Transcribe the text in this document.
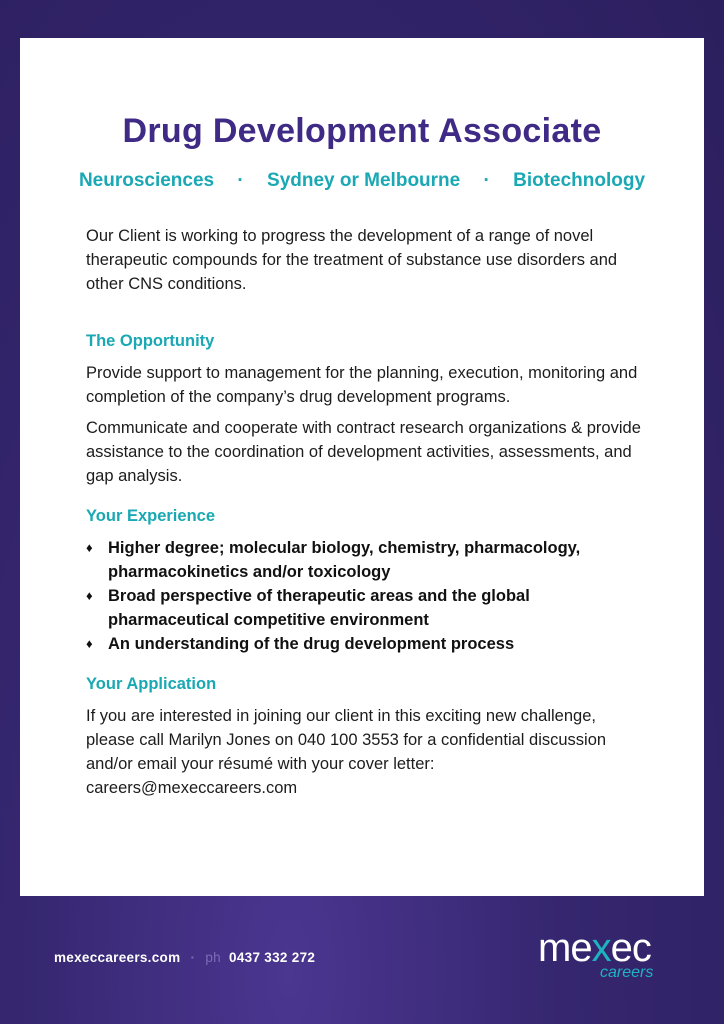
Drug Development Associate
Neurosciences · Sydney or Melbourne · Biotechnology

Our Client is working to progress the development of a range of novel therapeutic compounds for the treatment of substance use disorders and other CNS conditions.

The Opportunity

Provide support to management for the planning, execution, monitoring and completion of the company’s drug development programs.

Communicate and cooperate with contract research organizations & provide assistance to the coordination of development activities, assessments, and gap analysis.

Your Experience
♦ Higher degree; molecular biology, chemistry, pharmacology, pharmacokinetics and/or toxicology
♦ Broad perspective of therapeutic areas and the global pharmaceutical competitive environment
♦ An understanding of the drug development process
Your Application

If you are interested in joining our client in this exciting new challenge, please call Marilyn Jones on 040 100 3553 for a confidential discussion and/or email your résumé with your cover letter: careers@mexeccareers.com

mexeccareers.com · ph 0437 332 272	mexec
careers
